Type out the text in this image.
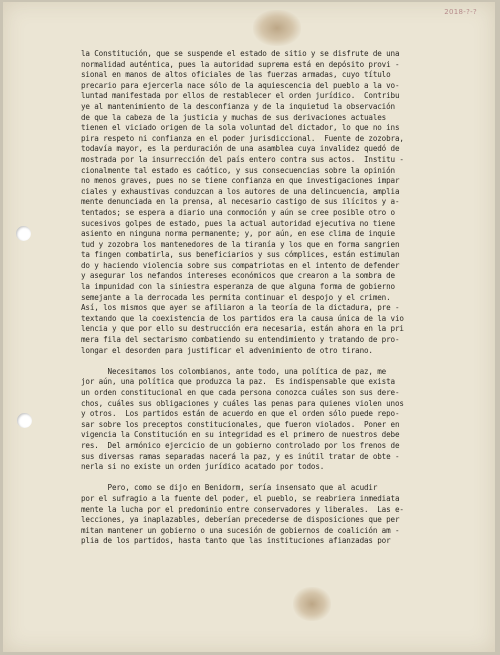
2018-?-?
la Constitución, que se suspende el estado de sitio y se disfrute de una
normalidad auténtica, pues la autoridad suprema está en depósito provi -
sional en manos de altos oficiales de las fuerzas armadas, cuyo título
precario para ejercerla nace sólo de la aquiescencia del pueblo a la vo-
luntad manifestada por ellos de restablecer el orden jurídico.  Contribu
ye al mantenimiento de la desconfianza y de la inquietud la observación
de que la cabeza de la justicia y muchas de sus derivaciones actuales
tienen el viciado origen de la sola voluntad del dictador, lo que no ins
pira respeto ni confianza en el poder jurisdiccional.  Fuente de zozobra,
todavía mayor, es la perduración de una asamblea cuya invalidez quedó de
mostrada por la insurrección del país entero contra sus actos.  Institu -
cionalmente tal estado es caótico, y sus consecuencias sobre la opinión
no menos graves, pues no se tiene confianza en que investigaciones impar
ciales y exhaustivas conduzcan a los autores de una delincuencia, amplia
mente denunciada en la prensa, al necesario castigo de sus ilícitos y a-
tentados; se espera a diario una conmoción y aún se cree posible otro o
sucesivos golpes de estado, pues la actual autoridad ejecutiva no tiene
asiento en ninguna norma permanente; y, por aún, en ese clima de inquie
tud y zozobra los mantenedores de la tiranía y los que en forma sangrien
ta fingen combatirla, sus beneficiarios y sus cómplices, están estimulan
do y haciendo violencia sobre sus compatriotas en el intento de defender
y asegurar los nefandos intereses económicos que crearon a la sombra de
la impunidad con la siniestra esperanza de que alguna forma de gobierno
semejante a la derrocada les permita continuar el despojo y el crimen.
Así, los mismos que ayer se afiliaron a la teoría de la dictadura, pre -
textando que la coexistencia de los partidos era la causa única de la vio
lencia y que por ello su destrucción era necesaria, están ahora en la pri
mera fila del sectarismo combatiendo su entendimiento y tratando de pro-
longar el desorden para justificar el advenimiento de otro tirano.
Necesitamos los colombianos, ante todo, una política de paz, me
jor aún, una política que produzca la paz.  Es indispensable que exista
un orden constitucional en que cada persona conozca cuáles son sus dere-
chos, cuáles sus obligaciones y cuáles las penas para quienes violen unos
y otros.  Los partidos están de acuerdo en que el orden sólo puede repo-
sar sobre los preceptos constitucionales, que fueron violados.  Poner en
vigencia la Constitución en su integridad es el primero de nuestros debe
res.  Del armónico ejercicio de un gobierno controlado por los frenos de
sus diversas ramas separadas nacerá la paz, y es inútil tratar de obte -
nerla si no existe un orden jurídico acatado por todos.
Pero, como se dijo en Benidorm, sería insensato que al acudir
por el sufragio a la fuente del poder, el pueblo, se reabriera inmediata
mente la lucha por el predominio entre conservadores y liberales.  Las e-
lecciones, ya inaplazables, deberían precederse de disposiciones que per
mitan mantener un gobierno o una sucesión de gobiernos de coalición am -
plia de los partidos, hasta tanto que las instituciones afianzadas por
